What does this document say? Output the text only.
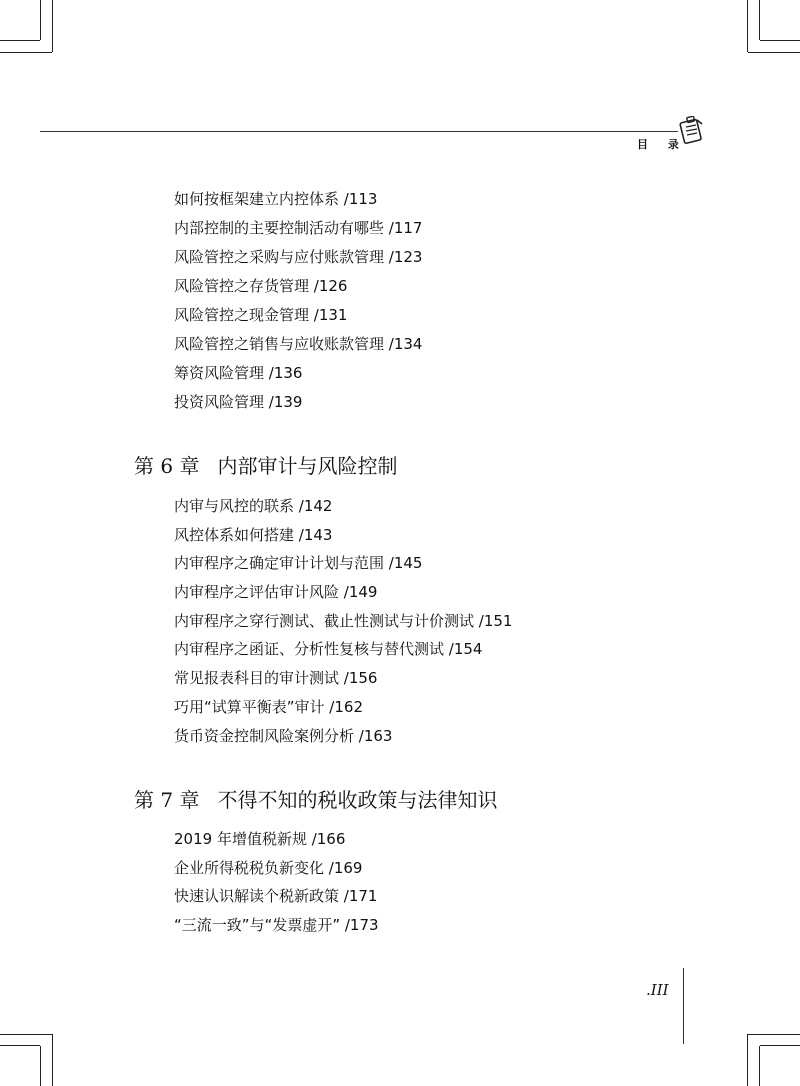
目 录
如何按框架建立内控体系 /113
内部控制的主要控制活动有哪些 /117
风险管控之采购与应付账款管理 /123
风险管控之存货管理 /126
风险管控之现金管理 /131
风险管控之销售与应收账款管理 /134
筹资风险管理 /136
投资风险管理 /139
第 6 章 内部审计与风险控制
内审与风控的联系 /142
风控体系如何搭建 /143
内审程序之确定审计计划与范围 /145
内审程序之评估审计风险 /149
内审程序之穿行测试、截止性测试与计价测试 /151
内审程序之函证、分析性复核与替代测试 /154
常见报表科目的审计测试 /156
巧用“试算平衡表”审计 /162
货币资金控制风险案例分析 /163
第 7 章 不得不知的税收政策与法律知识
2019 年增值税新规 /166
企业所得税税负新变化 /169
快速认识解读个税新政策 /171
“三流一致”与“发票虚开” /173
.III
